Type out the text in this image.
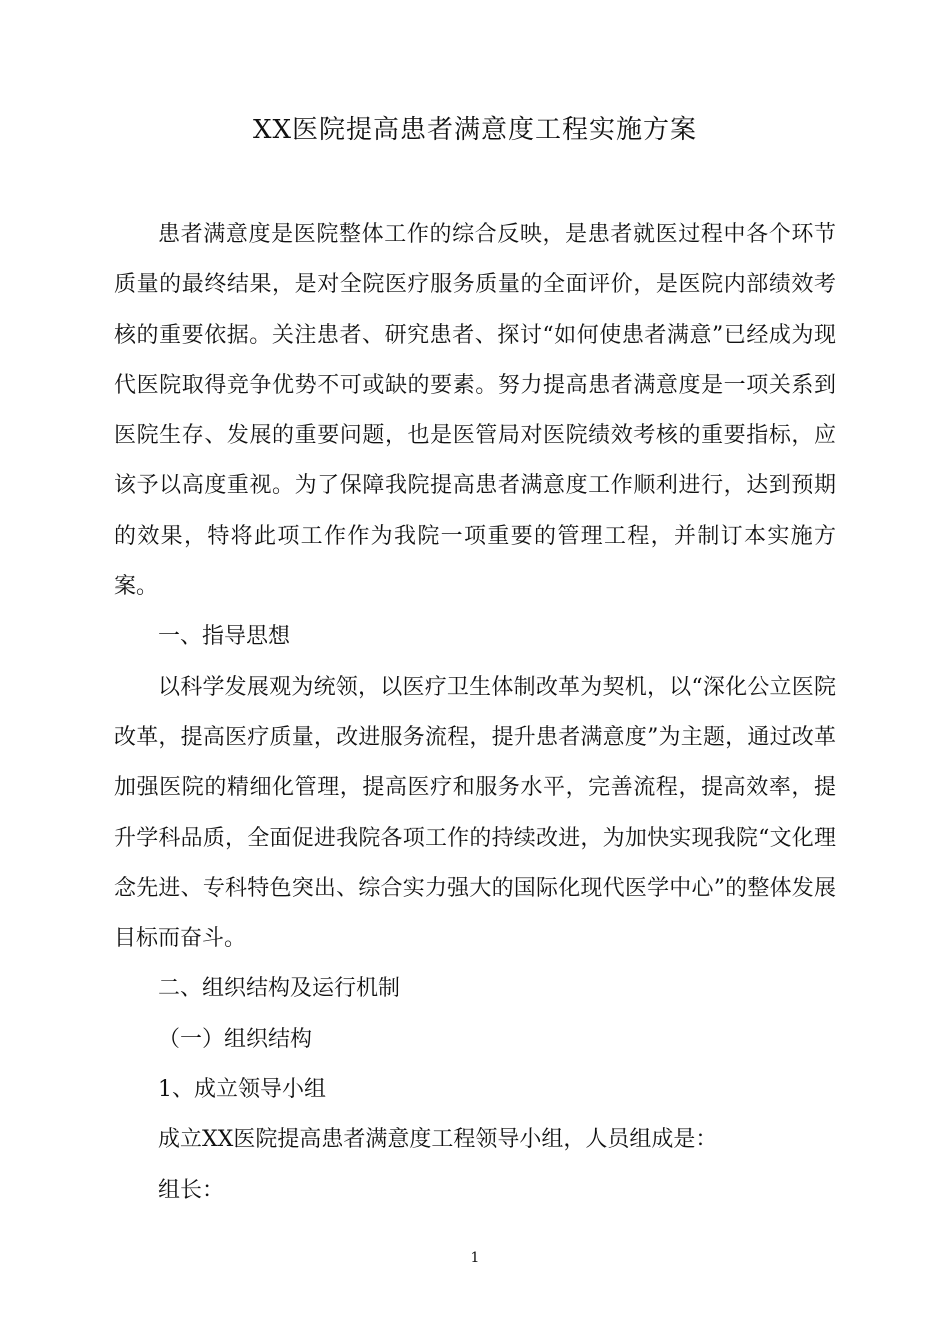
XX医院提高患者满意度工程实施方案

患者满意度是医院整体工作的综合反映，是患者就医过程中各个环节质量的最终结果，是对全院医疗服务质量的全面评价，是医院内部绩效考核的重要依据。关注患者、研究患者、探讨“如何使患者满意”已经成为现代医院取得竞争优势不可或缺的要素。努力提高患者满意度是一项关系到医院生存、发展的重要问题，也是医管局对医院绩效考核的重要指标，应该予以高度重视。为了保障我院提高患者满意度工作顺利进行，达到预期的效果，特将此项工作作为我院一项重要的管理工程，并制订本实施方案。

一、指导思想

以科学发展观为统领，以医疗卫生体制改革为契机，以“深化公立医院改革，提高医疗质量，改进服务流程，提升患者满意度”为主题，通过改革加强医院的精细化管理，提高医疗和服务水平，完善流程，提高效率，提升学科品质，全面促进我院各项工作的持续改进，为加快实现我院“文化理念先进、专科特色突出、综合实力强大的国际化现代医学中心”的整体发展目标而奋斗。

二、组织结构及运行机制

（一）组织结构

1、成立领导小组

成立XX医院提高患者满意度工程领导小组，人员组成是：

组长：

1
